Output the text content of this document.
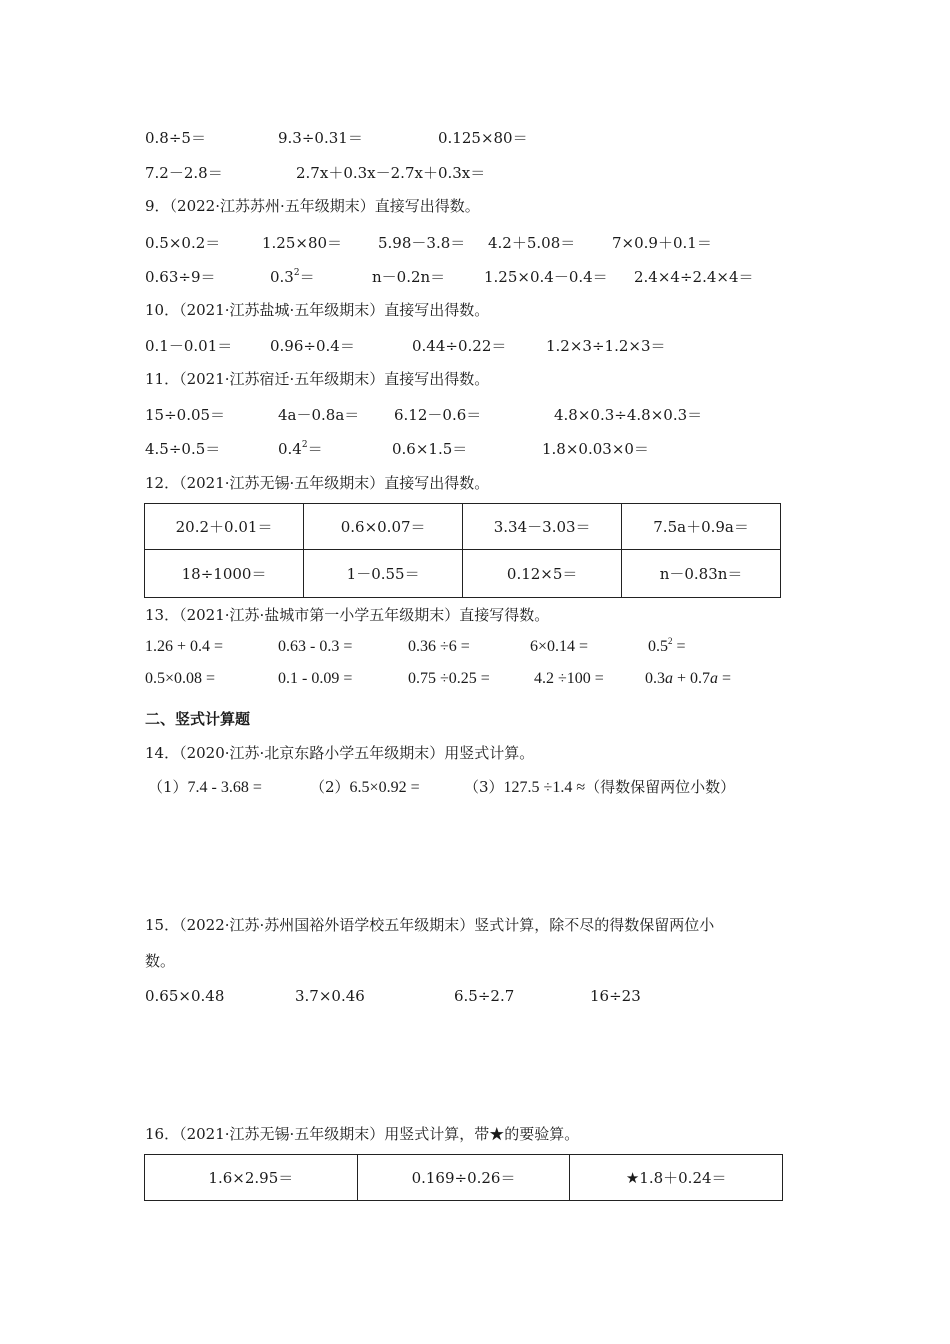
0.8÷5＝	9.3÷0.31＝	0.125×80＝
7.2－2.8＝	2.7x＋0.3x－2.7x＋0.3x＝
9．（2022·江苏苏州·五年级期末）直接写出得数。
0.5×0.2＝	1.25×80＝ 5.98－3.8＝ 4.2＋5.08＝ 7×0.9＋0.1＝
0.63÷9＝	$0.3^2=$	n－0.2n＝	1.25×0.4－0.4＝ 2.4×4÷2.4×4＝
10．（2021·江苏盐城·五年级期末）直接写出得数。
0.1－0.01＝	0.96÷0.4＝	0.44÷0.22＝	1.2×3÷1.2×3＝
11．（2021·江苏宿迁·五年级期末）直接写出得数。
15÷0.05＝	4a－0.8a＝ 6.12－0.6＝	4.8×0.3÷4.8×0.3＝
4.5÷0.5＝	$0.4^2=$	0.6×1.5＝	1.8×0.03×0＝
12．（2021·江苏无锡·五年级期末）直接写出得数。
20.2＋0.01＝	0.6×0.07＝	3.34－3.03＝	7.5a＋0.9a＝
18÷1000＝	1－0.55＝	0.12×5＝	n－0.83n＝
13．（2021·江苏·盐城市第一小学五年级期末）直接写得数。
1.26 + 0.4 =	0.63 - 0.3 =	0.36 ÷6 =	6×0.14 =	$0.5^2$ =
0.5×0.08 =	0.1 - 0.09 =	0.75 ÷0.25 =	4.2 ÷100 =	0.3a + 0.7a =
二、竖式计算题
14．（2020·江苏·北京东路小学五年级期末）用竖式计算。
（1）7.4 - 3.68 =	（2）6.5×0.92 =	（3）127.5 ÷1.4 ≈（得数保留两位小数）
15．（2022·江苏·苏州国裕外语学校五年级期末）竖式计算，除不尽的得数保留两位小
数。
0.65×0.48	3.7×0.46	6.5÷2.7	16÷23
16．（2021·江苏无锡·五年级期末）用竖式计算，带★的要验算。
1.6×2.95＝	0.169÷0.26＝	★1.8＋0.24＝
